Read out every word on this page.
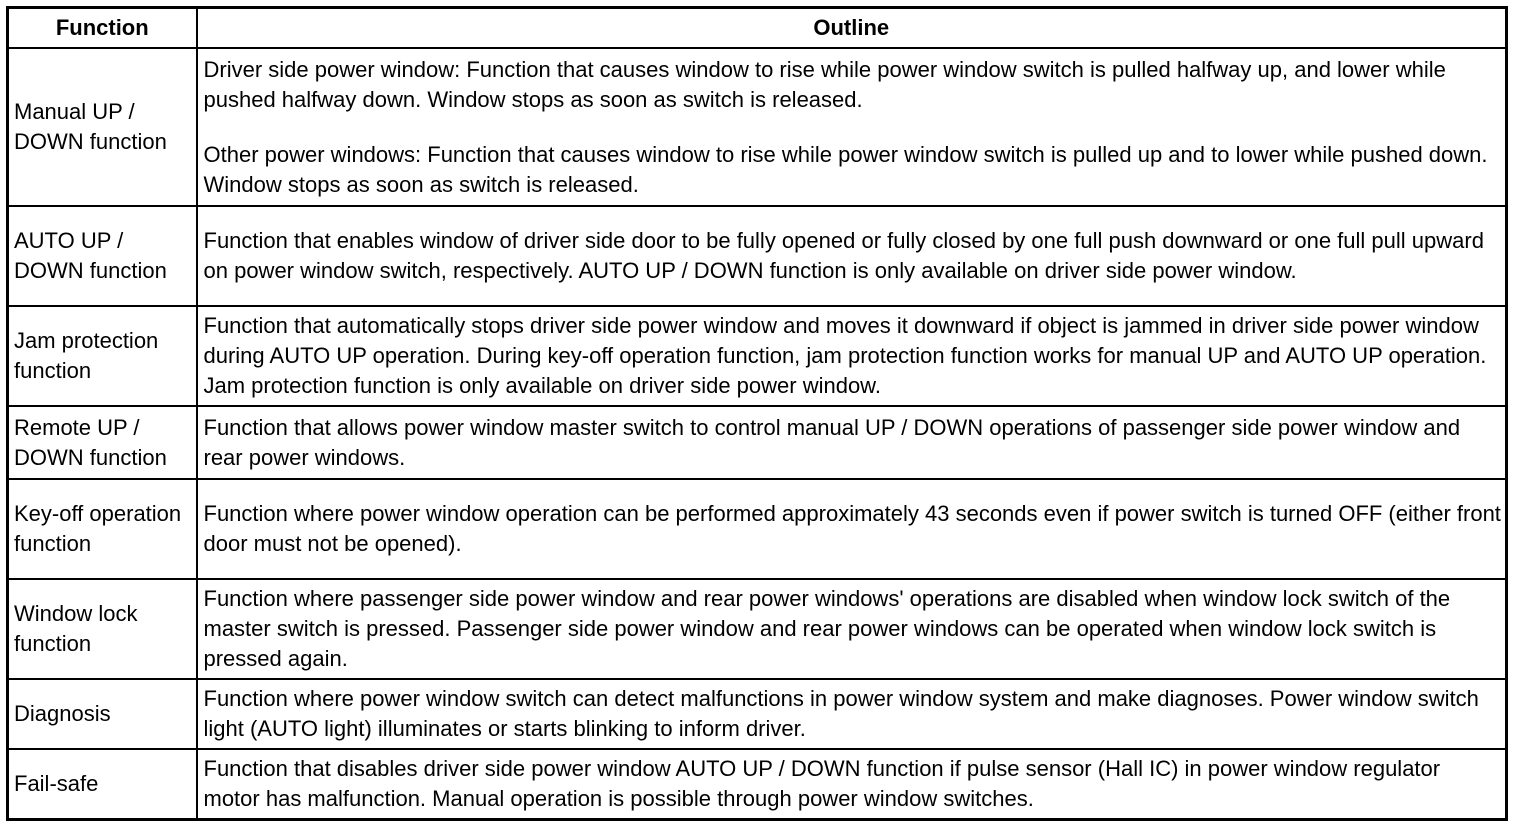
Function	Outline
Manual UP / DOWN function	Driver side power window: Function that causes window to rise while power window switch is pulled halfway up, and lower while pushed halfway down. Window stops as soon as switch is released.
Other power windows: Function that causes window to rise while power window switch is pulled up and to lower while pushed down. Window stops as soon as switch is released.

AUTO UP / DOWN function	Function that enables window of driver side door to be fully opened or fully closed by one full push downward or one full pull upward on power window switch, respectively. AUTO UP / DOWN function is only available on driver side power window.

Jam protection function	Function that automatically stops driver side power window and moves it downward if object is jammed in driver side power window during AUTO UP operation. During key-off operation function, jam protection function works for manual UP and AUTO UP operation. Jam protection function is only available on driver side power window.

Remote UP / DOWN function	Function that allows power window master switch to control manual UP / DOWN operations of passenger side power window and rear power windows.

Key-off operation function	Function where power window operation can be performed approximately 43 seconds even if power switch is turned OFF (either front door must not be opened).

Window lock function	Function where passenger side power window and rear power windows' operations are disabled when window lock switch of the master switch is pressed. Passenger side power window and rear power windows can be operated when window lock switch is pressed again.

Diagnosis	Function where power window switch can detect malfunctions in power window system and make diagnoses. Power window switch light (AUTO light) illuminates or starts blinking to inform driver.

Fail-safe	Function that disables driver side power window AUTO UP / DOWN function if pulse sensor (Hall IC) in power window regulator motor has malfunction. Manual operation is possible through power window switches.
